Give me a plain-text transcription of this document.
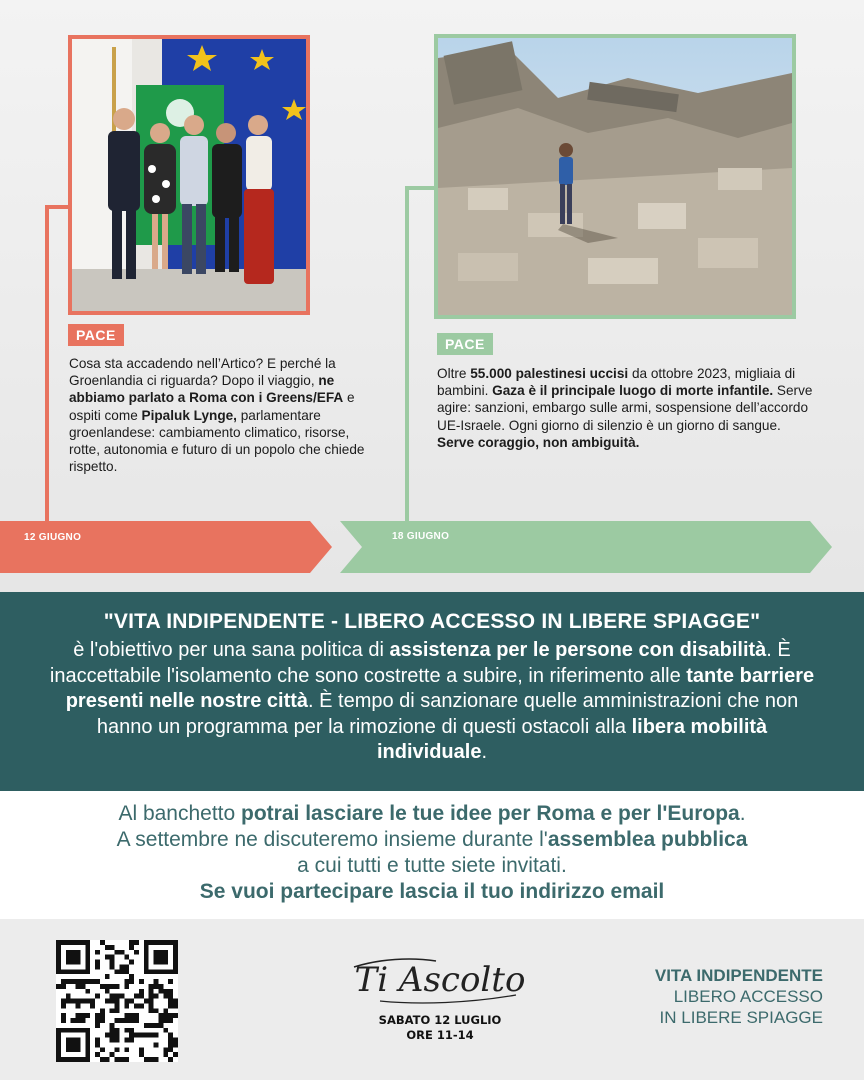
PACE
PACE
Cosa sta accadendo nell’Artico? E perché la Groenlandia ci riguarda? Dopo il viaggio, ne abbiamo parlato a Roma con i Greens/EFA e ospiti come Pipaluk Lynge, parlamentare groenlandese: cambiamento climatico, risorse, rotte, autonomia e futuro di un popolo che chiede rispetto.
Oltre 55.000 palestinesi uccisi da ottobre 2023, migliaia di bambini. Gaza è il principale luogo di morte infantile. Serve agire: sanzioni, embargo sulle armi, sospensione dell’accordo UE-Israele. Ogni giorno di silenzio è un giorno di sangue. Serve coraggio, non ambiguità.
12 GIUGNO	18 GIUGNO
"VITA INDIPENDENTE - LIBERO ACCESSO IN LIBERE SPIAGGE"
è l'obiettivo per una sana politica di assistenza per le persone con disabilità. È inaccettabile l'isolamento che sono costrette a subire, in riferimento alle tante barriere presenti nelle nostre città. È tempo di sanzionare quelle amministrazioni che non hanno un programma per la rimozione di questi ostacoli alla libera mobilità individuale.
Al banchetto potrai lasciare le tue idee per Roma e per l'Europa.
A settembre ne discuteremo insieme durante l'assemblea pubblica
a cui tutti e tutte siete invitati.
Se vuoi partecipare lascia il tuo indirizzo email
Ti Ascolto
SABATO 12 LUGLIO
ORE 11-14
VITA INDIPENDENTE
LIBERO ACCESSO
IN LIBERE SPIAGGE
